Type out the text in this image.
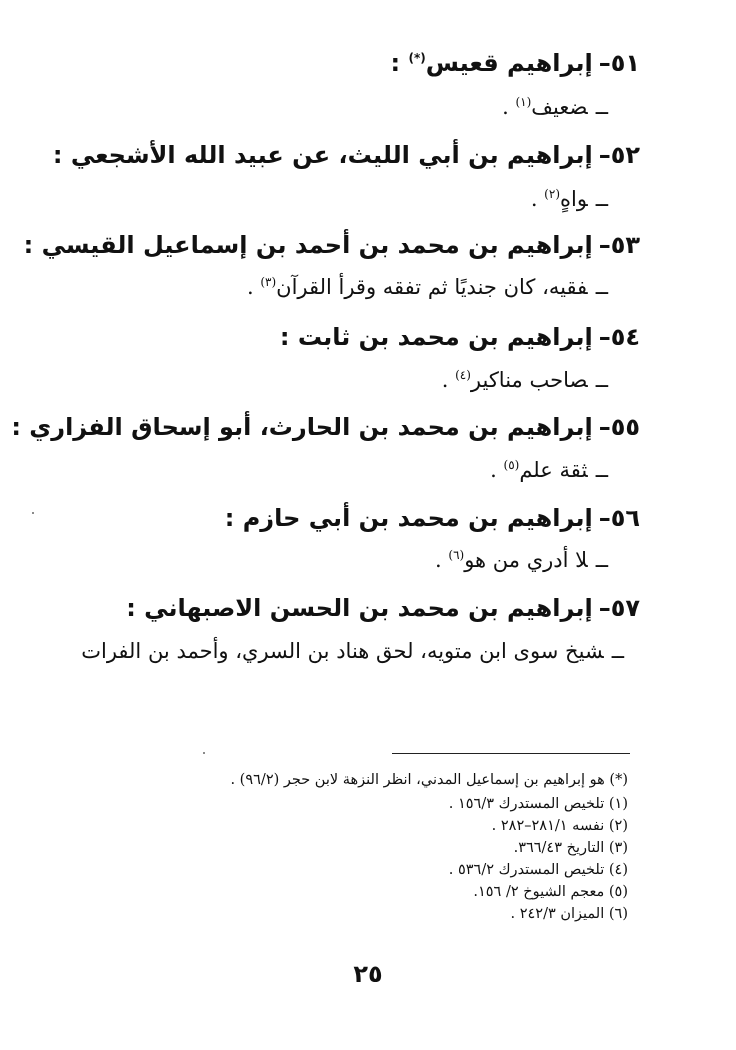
٥١–إبراهيم قعيس(*) :
ــضعيف$^{(١)}$ .
٥٢–إبراهيم بن أبي الليث، عن عبيد الله الأشجعي :
ــواهٍ$^{(٢)}$ .
٥٣–إبراهيم بن محمد بن أحمد بن إسماعيل القيسي :
ــفقيه، كان جنديًا ثم تفقه وقرأ القرآن$^{(٣)}$ .
٥٤–إبراهيم بن محمد بن ثابت :
ــصاحب مناكير$^{(٤)}$ .
٥٥–إبراهيم بن محمد بن الحارث، أبو إسحاق الفزاري :
ــثقة علم$^{(٥)}$ .
٥٦–إبراهيم بن محمد بن أبي حازم :
ــلا أدري من هو$^{(٦)}$ .
٥٧–إبراهيم بن محمد بن الحسن الاصبهاني :
ــشيخ سوى ابن متويه، لحق هناد بن السري، وأحمد بن الفرات
(*) هو إبراهيم بن إسماعيل المدني، انظر النزهة لابن حجر (٩٦/٢) .
(١) تلخيص المستدرك ١٥٦/٣ .
(٢) نفسه ٢٨١/١–٢٨٢ .
(٣) التاريخ ٣٦٦/٤٣.
(٤) تلخيص المستدرك ٥٣٦/٢ .
(٥) معجم الشيوخ ٢/ ١٥٦.
(٦) الميزان ٢٤٢/٣ .
٢٥
